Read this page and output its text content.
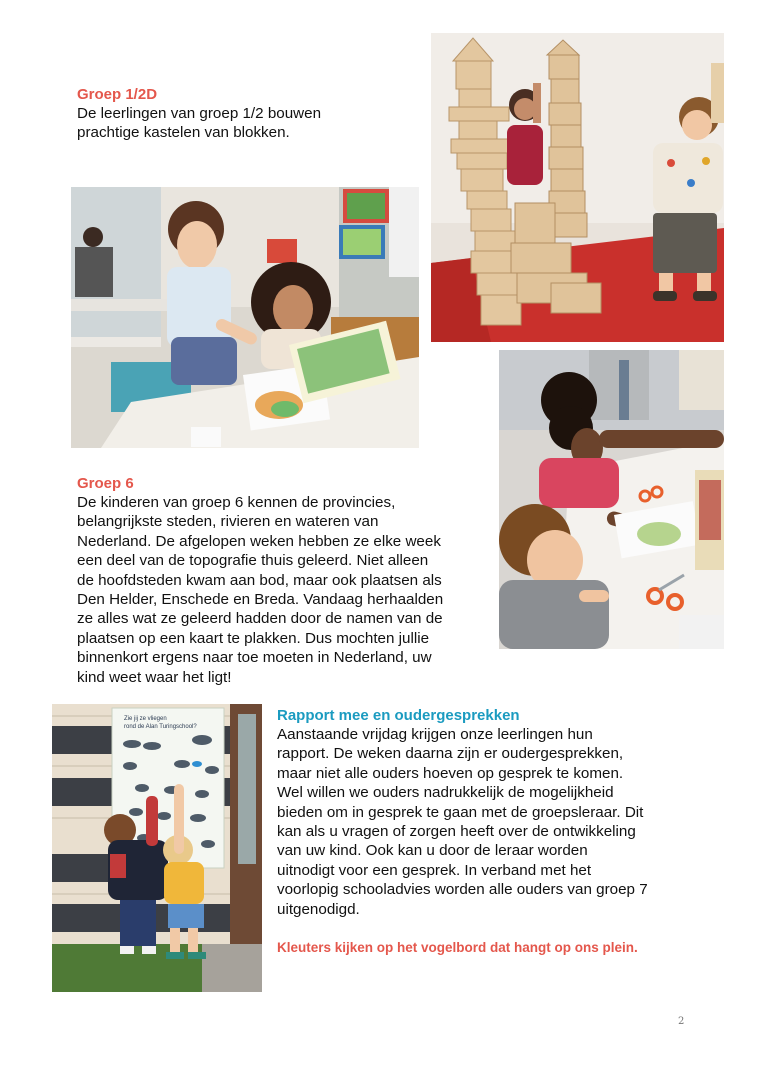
Groep 1/2D
De leerlingen van groep 1/2 bouwen
prachtige kastelen van blokken.
Groep 6
De kinderen van groep 6 kennen de provincies,
belangrijkste steden, rivieren en wateren van
Nederland. De afgelopen weken hebben ze elke week
een deel van de topografie thuis geleerd. Niet alleen
de hoofdsteden kwam aan bod, maar ook plaatsen als
Den Helder, Enschede en Breda. Vandaag herhaalden
ze alles wat ze geleerd hadden door de namen van de
plaatsen op een kaart te plakken. Dus mochten jullie
binnenkort ergens naar toe moeten in Nederland, uw
kind weet waar het ligt!
Zie jij ze vliegen
rond de Alan Turingschool?
Rapport mee en oudergesprekken
Aanstaande vrijdag krijgen onze leerlingen hun
rapport. De weken daarna zijn er oudergesprekken,
maar niet alle ouders hoeven op gesprek te komen.
Wel willen we ouders nadrukkelijk de mogelijkheid
bieden om in gesprek te gaan met de groepsleraar. Dit
kan als u vragen of zorgen heeft over de ontwikkeling
van uw kind. Ook kan u door de leraar worden
uitnodigt voor een gesprek. In verband met het
voorlopig schooladvies worden alle ouders van groep 7
uitgenodigd.
Kleuters kijken op het vogelbord dat hangt op ons plein.
2
